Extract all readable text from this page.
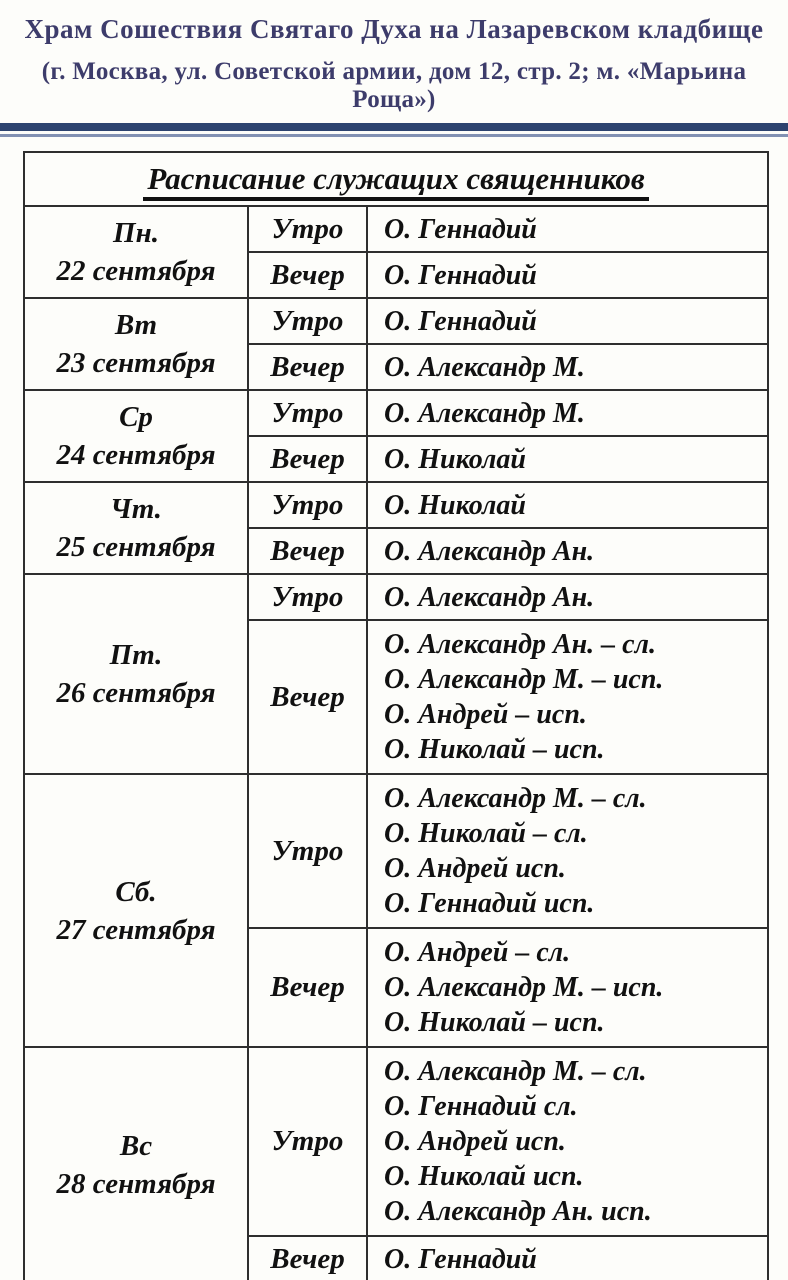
Храм Сошествия Святаго Духа на Лазаревском кладбище
(г. Москва, ул. Советской армии, дом 12, стр. 2; м. «Марьина Роща»)
Расписание служащих священников		

Пн.
22 сентября	Утро	О. Геннадий

	Вечер	О. Геннадий

Вт
23 сентября	Утро	О. Геннадий

	Вечер	О. Александр М.

Ср
24 сентября	Утро	О. Александр М.

	Вечер	О. Николай

Чт.
25 сентября	Утро	О. Николай

	Вечер	О. Александр Ан.

Пт.
26 сентября	Утро	О. Александр Ан.

	Вечер	О. Александр Ан. – сл.
О. Александр М. – исп.
О. Андрей – исп.
О. Николай – исп.

Сб.
27 сентября
	Утро	
О. Александр М. – сл.
О. Николай – сл.
О. Андрей исп.
О. Геннадий исп.

	Вечер	О. Андрей – сл.
О. Александр М. – исп.
О. Николай – исп.

Вс
28 сентября
	Утро	
О. Александр М. – сл.
О. Геннадий сл.
О. Андрей исп.
О. Николай исп.
О. Александр Ан. исп.

	Вечер	О. Геннадий
